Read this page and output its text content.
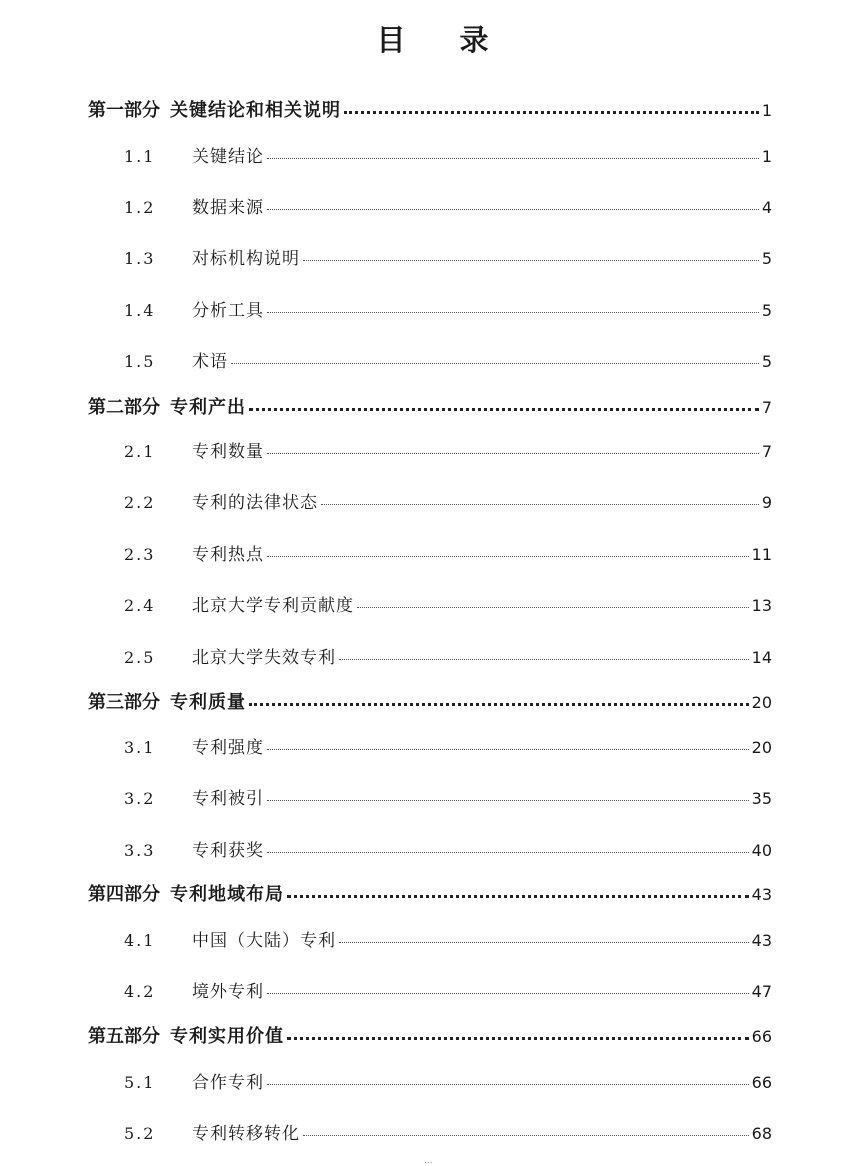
目 录
第一部分 关键结论和相关说明	1
1.1	关键结论	1
1.2	数据来源	4
1.3	对标机构说明	5
1.4	分析工具	5
1.5	术语	5
第二部分 专利产出	7
2.1	专利数量	7
2.2	专利的法律状态	9
2.3	专利热点	11
2.4	北京大学专利贡献度	13
2.5	北京大学失效专利	14
第三部分 专利质量	20
3.1	专利强度	20
3.2	专利被引	35
3.3	专利获奖	40
第四部分 专利地域布局	43
4.1	中国（大陆）专利	43
4.2	境外专利	47
第五部分 专利实用价值	66
5.1	合作专利	66
5.2	专利转移转化	68
...
